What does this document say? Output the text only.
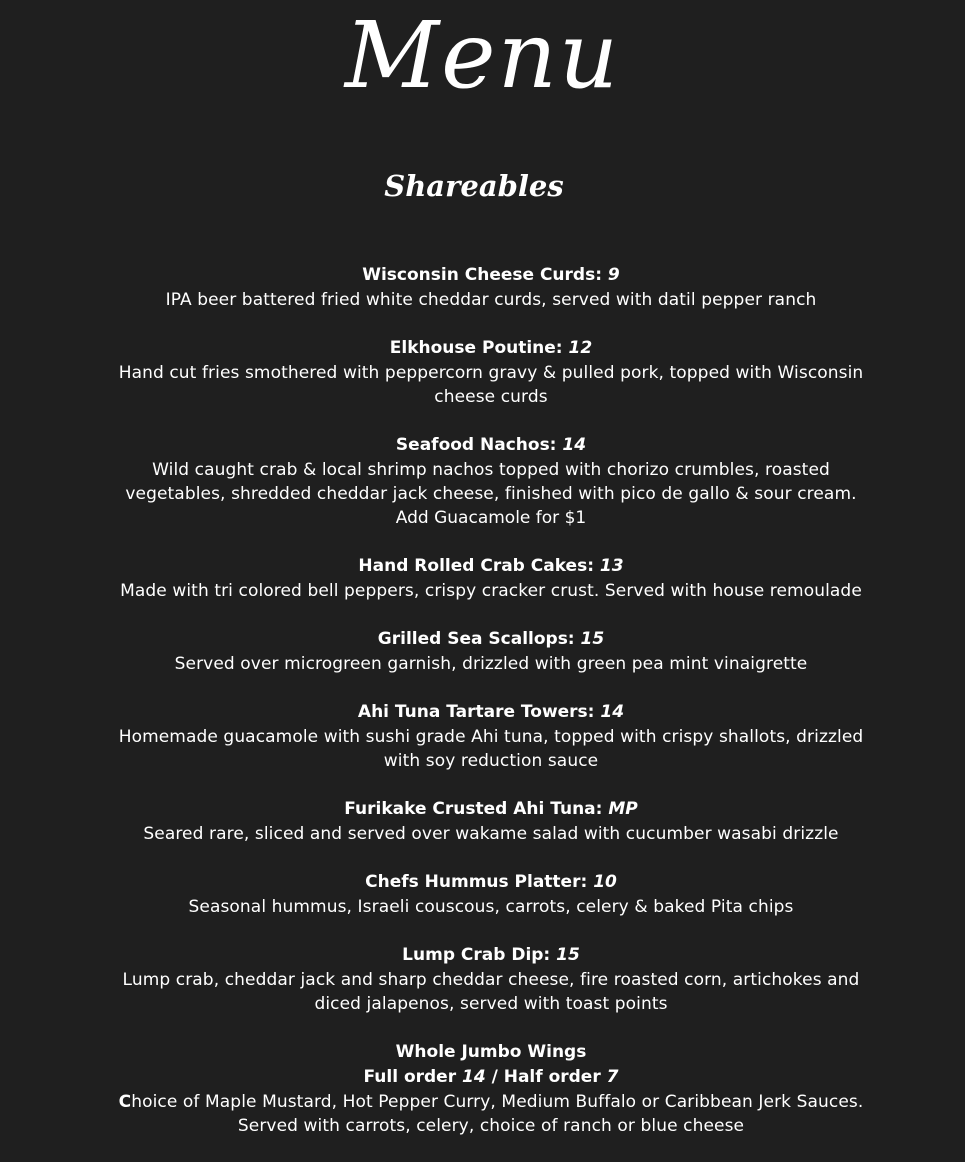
Menu
Shareables
Wisconsin Cheese Curds: 9
IPA beer battered fried white cheddar curds, served with datil pepper ranch
Elkhouse Poutine: 12
Hand cut fries smothered with peppercorn gravy & pulled pork, topped with Wisconsin cheese curds
Seafood Nachos: 14
Wild caught crab & local shrimp nachos topped with chorizo crumbles, roasted vegetables, shredded cheddar jack cheese, finished with pico de gallo & sour cream.
Add Guacamole for $1
Hand Rolled Crab Cakes: 13
Made with tri colored bell peppers, crispy cracker crust. Served with house remoulade
Grilled Sea Scallops: 15
Served over microgreen garnish, drizzled with green pea mint vinaigrette
Ahi Tuna Tartare Towers: 14
Homemade guacamole with sushi grade Ahi tuna, topped with crispy shallots, drizzled with soy reduction sauce
Furikake Crusted Ahi Tuna: MP
Seared rare, sliced and served over wakame salad with cucumber wasabi drizzle
Chefs Hummus Platter: 10
Seasonal hummus, Israeli couscous, carrots, celery & baked Pita chips
Lump Crab Dip: 15
Lump crab, cheddar jack and sharp cheddar cheese, fire roasted corn, artichokes and diced jalapenos, served with toast points
Whole Jumbo Wings
Full order 14 / Half order 7
Choice of Maple Mustard, Hot Pepper Curry, Medium Buffalo or Caribbean Jerk Sauces.
Served with carrots, celery, choice of ranch or blue cheese
